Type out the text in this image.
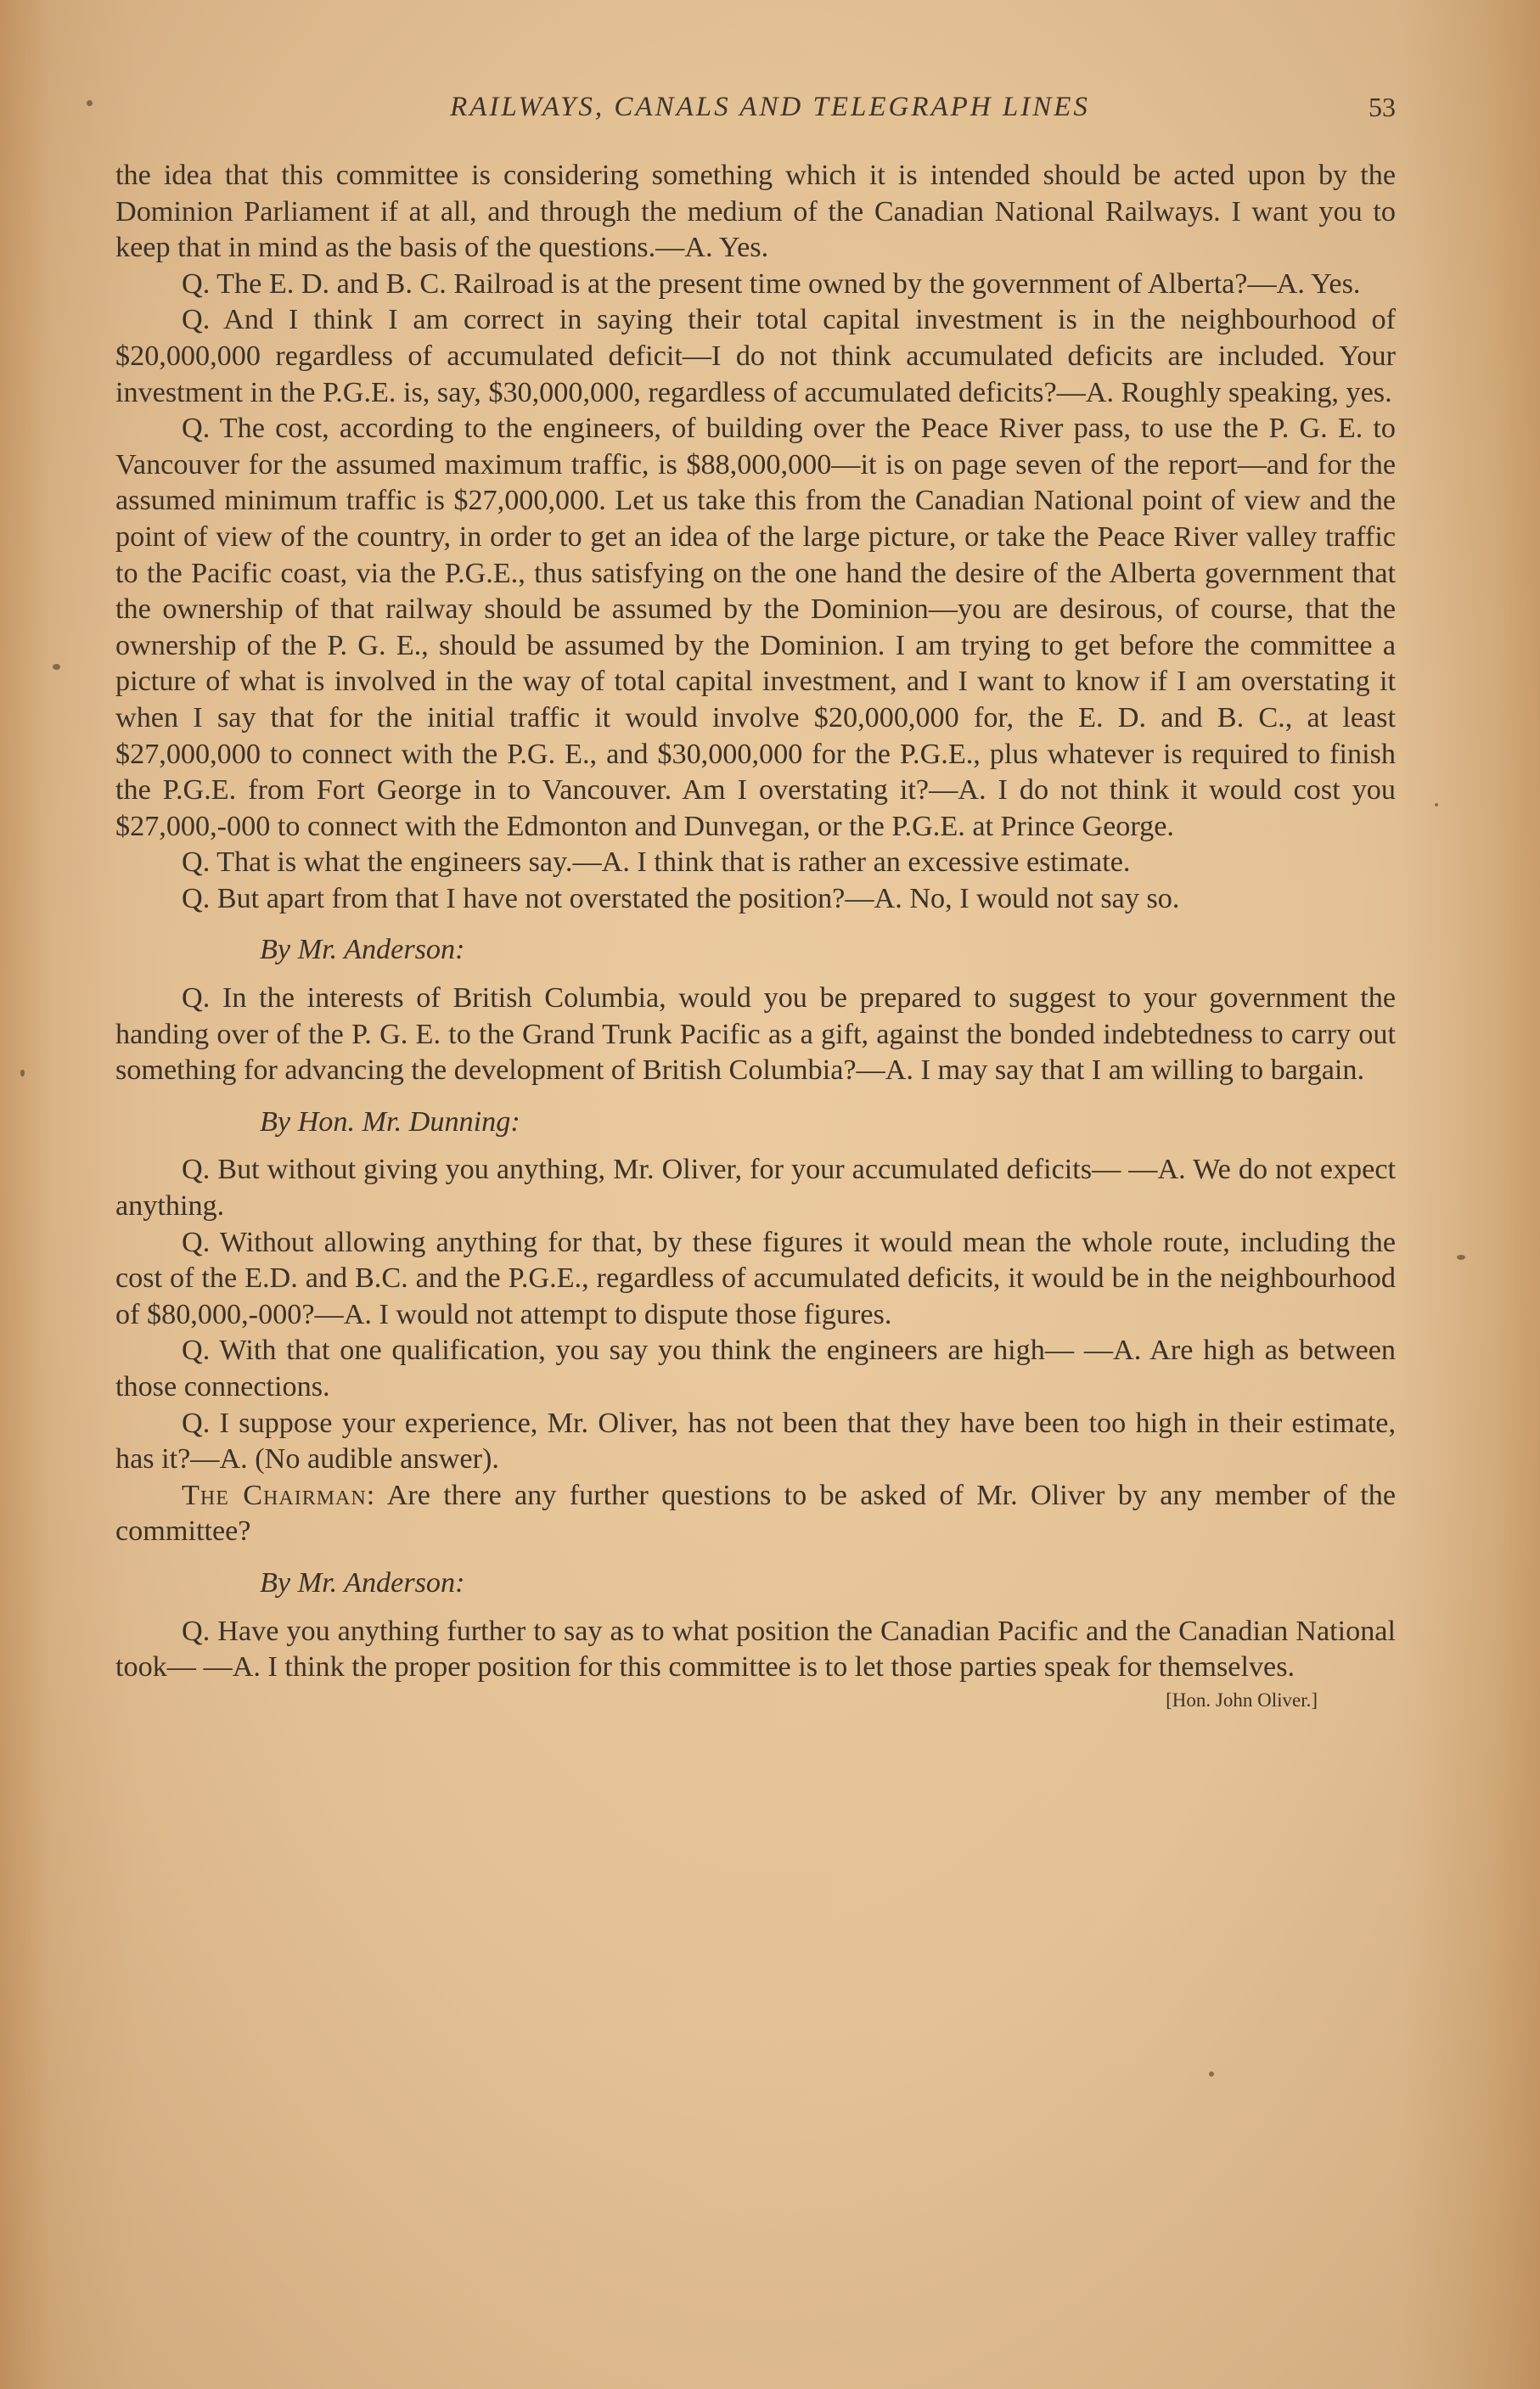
RAILWAYS, CANALS AND TELEGRAPH LINES	53

the idea that this committee is considering something which it is intended should be acted upon by the Dominion Parliament if at all, and through the medium of the Canadian National Railways. I want you to keep that in mind as the basis of the questions.—A. Yes.

Q. The E. D. and B. C. Railroad is at the present time owned by the government of Alberta?—A. Yes.

Q. And I think I am correct in saying their total capital investment is in the neighbourhood of $20,000,000 regardless of accumulated deficit—I do not think accumulated deficits are included. Your investment in the P.G.E. is, say, $30,000,000, regardless of accumulated deficits?—A. Roughly speaking, yes.

Q. The cost, according to the engineers, of building over the Peace River pass, to use the P. G. E. to Vancouver for the assumed maximum traffic, is $88,000,000—it is on page seven of the report—and for the assumed minimum traffic is $27,000,000. Let us take this from the Canadian National point of view and the point of view of the country, in order to get an idea of the large picture, or take the Peace River valley traffic to the Pacific coast, via the P.G.E., thus satisfying on the one hand the desire of the Alberta government that the ownership of that railway should be assumed by the Dominion—you are desirous, of course, that the ownership of the P. G. E., should be assumed by the Dominion. I am trying to get before the committee a picture of what is involved in the way of total capital investment, and I want to know if I am overstating it when I say that for the initial traffic it would involve $20,000,000 for, the E. D. and B. C., at least $27,000,000 to connect with the P.G. E., and $30,000,000 for the P.G.E., plus whatever is required to finish the P.G.E. from Fort George in to Vancouver. Am I overstating it?—A. I do not think it would cost you $27,000,-000 to connect with the Edmonton and Dunvegan, or the P.G.E. at Prince George.

Q. That is what the engineers say.—A. I think that is rather an excessive estimate.

Q. But apart from that I have not overstated the position?—A. No, I would not say so.

By Mr. Anderson:

Q. In the interests of British Columbia, would you be prepared to suggest to your government the handing over of the P. G. E. to the Grand Trunk Pacific as a gift, against the bonded indebtedness to carry out something for advancing the development of British Columbia?—A. I may say that I am willing to bargain.

By Hon. Mr. Dunning:

Q. But without giving you anything, Mr. Oliver, for your accumulated deficits— —A. We do not expect anything.

Q. Without allowing anything for that, by these figures it would mean the whole route, including the cost of the E.D. and B.C. and the P.G.E., regardless of accumulated deficits, it would be in the neighbourhood of $80,000,-000?—A. I would not attempt to dispute those figures.

Q. With that one qualification, you say you think the engineers are high— —A. Are high as between those connections.

Q. I suppose your experience, Mr. Oliver, has not been that they have been too high in their estimate, has it?—A. (No audible answer).

The Chairman: Are there any further questions to be asked of Mr. Oliver by any member of the committee?

By Mr. Anderson:

Q. Have you anything further to say as to what position the Canadian Pacific and the Canadian National took— —A. I think the proper position for this committee is to let those parties speak for themselves.

[Hon. John Oliver.]
